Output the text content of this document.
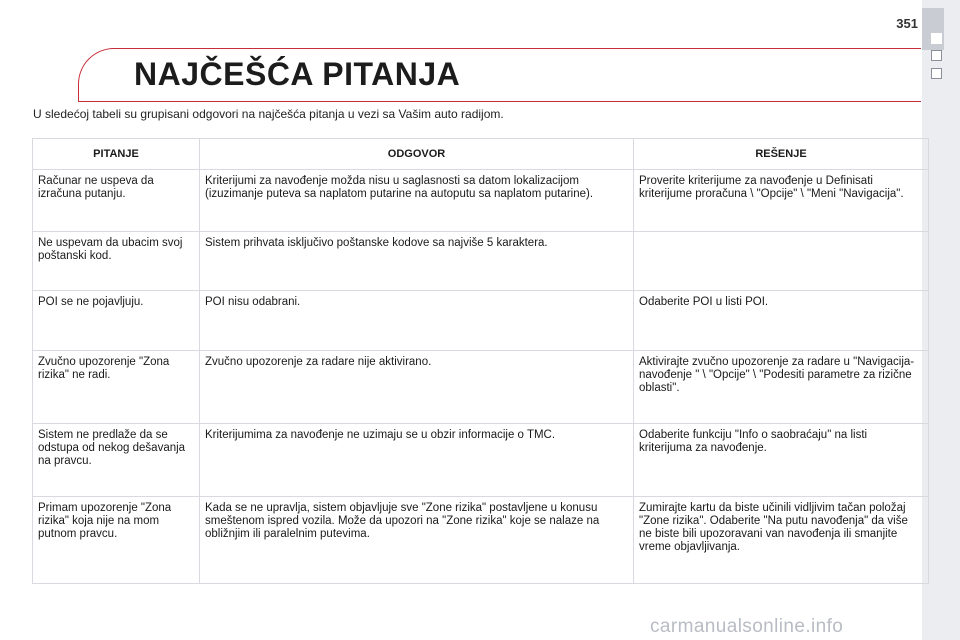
351
NAJČEŠĆA PITANJA
U sledećoj tabeli su grupisani odgovori na najčešća pitanja u vezi sa Vašim auto radijom.
PITANJE	ODGOVOR	REŠENJE
Računar ne uspeva da izračuna putanju.	Kriterijumi za navođenje možda nisu u saglasnosti sa datom lokalizacijom (izuzimanje puteva sa naplatom putarine na autoputu sa naplatom putarine).	Proverite kriterijume za navođenje u Definisati kriterijume proračuna \ "Opcije" \ "Meni "Navigacija".
Ne uspevam da ubacim svoj poštanski kod.	Sistem prihvata isključivo poštanske kodove sa najviše 5 karaktera.	
POI se ne pojavljuju.	POI nisu odabrani.	Odaberite POI u listi POI.
Zvučno upozorenje "Zona rizika" ne radi.	Zvučno upozorenje za radare nije aktivirano.	Aktivirajte zvučno upozorenje za radare u "Navigacija- navođenje " \ "Opcije" \ "Podesiti parametre za rizične oblasti".
Sistem ne predlaže da se odstupa od nekog dešavanja na pravcu.	Kriterijumima za navođenje ne uzimaju se u obzir informacije o TMC.	Odaberite funkciju "Info o saobraćaju" na listi kriterijuma za navođenje.
Primam upozorenje "Zona rizika" koja nije na mom putnom pravcu.	Kada se ne upravlja, sistem objavljuje sve "Zone rizika" postavljene u konusu smeštenom ispred vozila. Može da upozori na "Zone rizika" koje se nalaze na obližnjim ili paralelnim putevima.	Zumirajte kartu da biste učinili vidljivim tačan položaj "Zone rizika". Odaberite "Na putu navođenja" da više ne biste bili upozoravani van navođenja ili smanjite vreme objavljivanja.
carmanualsonline.info
